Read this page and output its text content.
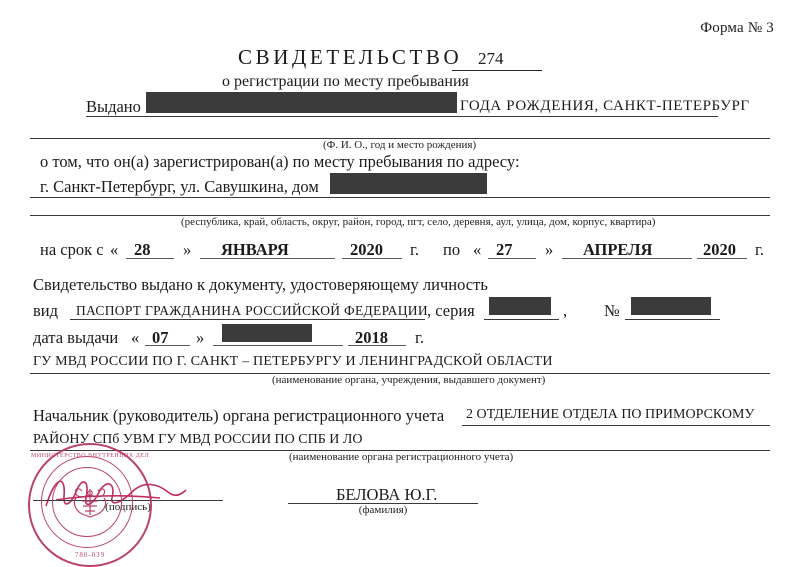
Форма № 3
СВИДЕТЕЛЬСТВО 274
о регистрации по месту пребывания
Выдано	ГОДА РОЖДЕНИЯ, САНКТ-ПЕТЕРБУРГ
(Ф. И. О., год и место рождения)
о том, что он(а) зарегистрирован(а) по месту пребывания по адресу:
г. Санкт-Петербург, ул. Савушкина, дом
(республика, край, область, округ, район, город, пгт, село, деревня, аул, улица, дом, корпус, квартира)
на срок с « 28 » ЯНВАРЯ	2020 г. по « 27 » АПРЕЛЯ	2020 г.
Свидетельство выдано к документу, удостоверяющему личность
вид ПАСПОРТ ГРАЖДАНИНА РОССИЙСКОЙ ФЕДЕРАЦИИ , серия	, №
дата выдачи « 07 »	2018 г.
ГУ МВД РОССИИ ПО Г. САНКТ – ПЕТЕРБУРГУ И ЛЕНИНГРАДСКОЙ ОБЛАСТИ
(наименование органа, учреждения, выдавшего документ)
Начальник (руководитель) органа регистрационного учета 2 ОТДЕЛЕНИЕ ОТДЕЛА ПО ПРИМОРСКОМУ
РАЙОНУ СПб УВМ ГУ МВД РОССИИ ПО СПБ И ЛО
(наименование органа регистрационного учета)
(подпись)
БЕЛОВА Ю.Г.
(фамилия)
МИНИСТЕРСТВО ВНУТРЕННИХ ДЕЛ
780-039
